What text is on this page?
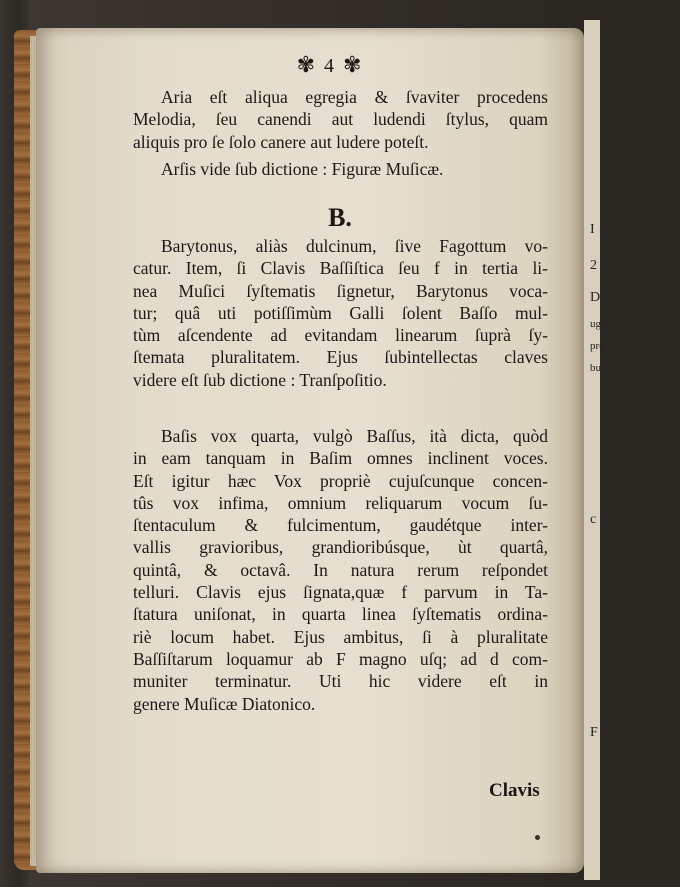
I
2
D
ug
pro
bu
c
F
✾ 4 ✾
Aria eſt aliqua egregia & ſvaviter procedens
Melodia, ſeu canendi aut ludendi ſtylus, quam
aliquis pro ſe ſolo canere aut ludere poteſt.
Arſis vide ſub dictione : Figuræ Muſicæ.
B.
Barytonus, aliàs dulcinum, ſive Fagottum vo-
catur. Item, ſi Clavis Baſſiſtica ſeu f in tertia li-
nea Muſici ſyſtematis ſignetur, Barytonus voca-
tur; quâ uti potiſſimùm Galli ſolent Baſſo mul-
tùm aſcendente ad evitandam linearum ſuprà ſy-
ſtemata pluralitatem. Ejus ſubintellectas claves
videre eſt ſub dictione : Tranſpoſitio.
Baſis vox quarta, vulgò Baſſus, ità dicta, quòd
in eam tanquam in Baſim omnes inclinent voces.
Eſt igitur hæc Vox propriè cujuſcunque concen-
tûs vox infima, omnium reliquarum vocum ſu-
ſtentaculum & fulcimentum, gaudétque inter-
vallis gravioribus, grandioribúsque, ùt quartâ,
quintâ, & octavâ. In natura rerum reſpondet
telluri. Clavis ejus ſignata,quæ f parvum in Ta-
ſtatura uniſonat, in quarta linea ſyſtematis ordina-
riè locum habet. Ejus ambitus, ſi à pluralitate
Baſſiſtarum loquamur ab F magno uſq; ad d com-
muniter terminatur. Uti hic videre eſt in
genere Muſicæ Diatonico.
Clavis
